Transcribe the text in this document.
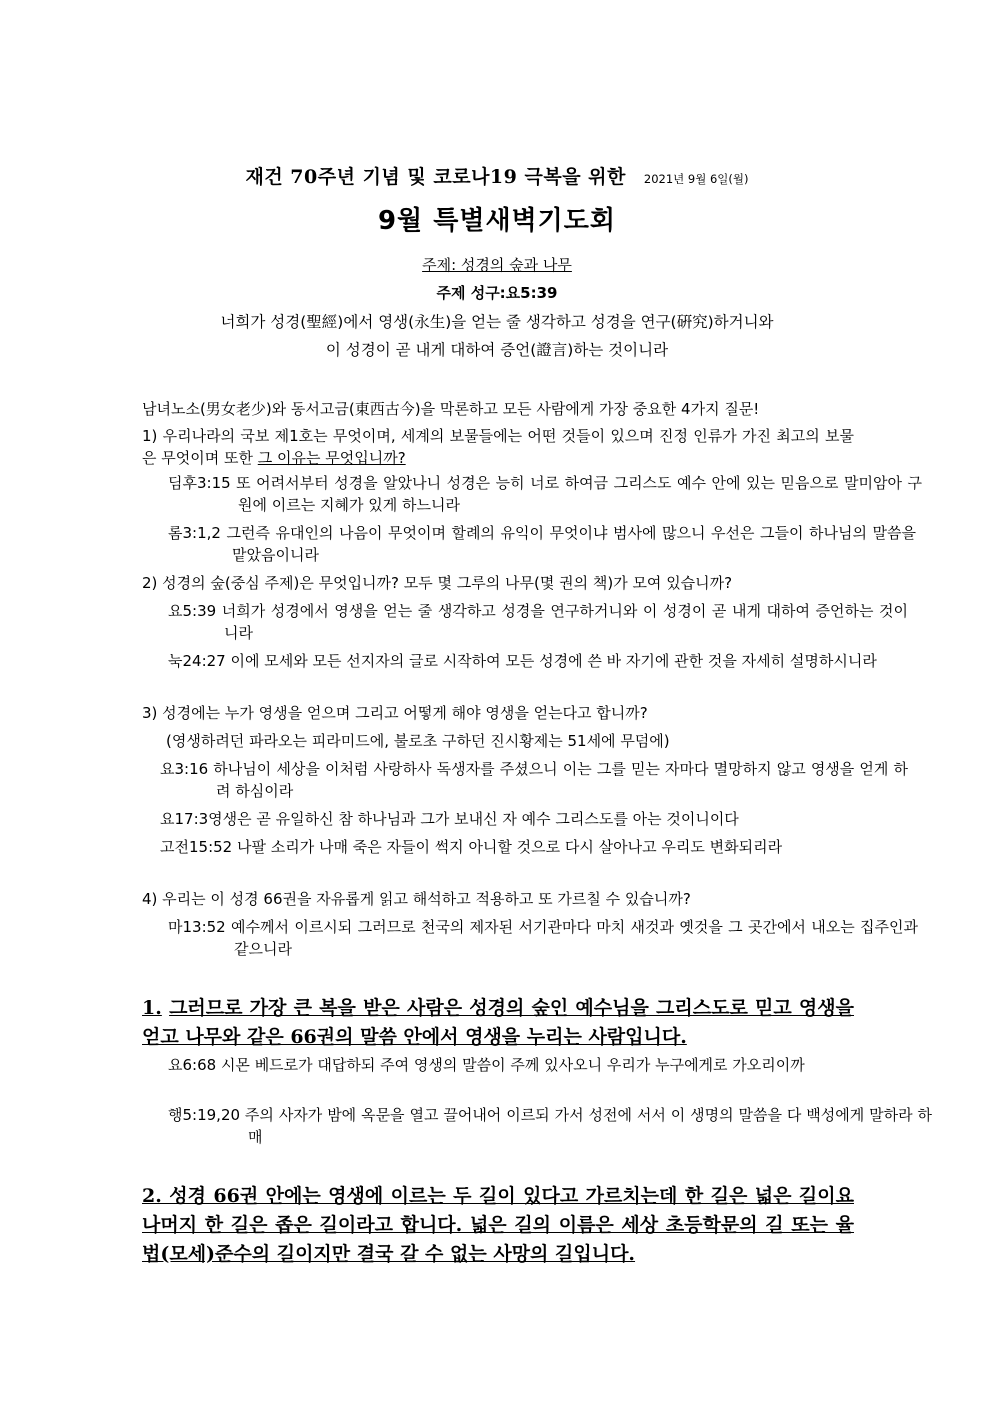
재건 70주년 기념 및 코로나19 극복을 위한 2021년 9월 6일(월)
9월 특별새벽기도회
주제: 성경의 숲과 나무
주제 성구:요5:39
너희가 성경(聖經)에서 영생(永生)을 얻는 줄 생각하고 성경을 연구(硏究)하거니와
이 성경이 곧 내게 대하여 증언(證言)하는 것이니라
남녀노소(男女老少)와 동서고금(東西古今)을 막론하고 모든 사람에게 가장 중요한 4가지 질문!
1) 우리나라의 국보 제1호는 무엇이며, 세계의 보물들에는 어떤 것들이 있으며 진정 인류가 가진 최고의 보물은 무엇이며 또한 그 이유는 무엇입니까?
딤후3:15 또 어려서부터 성경을 알았나니 성경은 능히 너로 하여금 그리스도 예수 안에 있는 믿음으로 말미암아 구원에 이르는 지혜가 있게 하느니라
롬3:1,2 그런즉 유대인의 나음이 무엇이며 할례의 유익이 무엇이냐 범사에 많으니 우선은 그들이 하나님의 말씀을 맡았음이니라
2) 성경의 숲(중심 주제)은 무엇입니까? 모두 몇 그루의 나무(몇 권의 책)가 모여 있습니까?
요5:39 너희가 성경에서 영생을 얻는 줄 생각하고 성경을 연구하거니와 이 성경이 곧 내게 대하여 증언하는 것이니라
눅24:27 이에 모세와 모든 선지자의 글로 시작하여 모든 성경에 쓴 바 자기에 관한 것을 자세히 설명하시니라
3) 성경에는 누가 영생을 얻으며 그리고 어떻게 해야 영생을 얻는다고 합니까?
(영생하려던 파라오는 피라미드에, 불로초 구하던 진시황제는 51세에 무덤에)
요3:16 하나님이 세상을 이처럼 사랑하사 독생자를 주셨으니 이는 그를 믿는 자마다 멸망하지 않고 영생을 얻게 하려 하심이라
요17:3영생은 곧 유일하신 참 하나님과 그가 보내신 자 예수 그리스도를 아는 것이니이다
고전15:52 나팔 소리가 나매 죽은 자들이 썩지 아니할 것으로 다시 살아나고 우리도 변화되리라
4) 우리는 이 성경 66권을 자유롭게 읽고 해석하고 적용하고 또 가르칠 수 있습니까?
마13:52 예수께서 이르시되 그러므로 천국의 제자된 서기관마다 마치 새것과 옛것을 그 곳간에서 내오는 집주인과 같으니라
1. 그러므로 가장 큰 복을 받은 사람은 성경의 숲인 예수님을 그리스도로 믿고 영생을 얻고 나무와 같은 66권의 말씀 안에서 영생을 누리는 사람입니다.
요6:68 시몬 베드로가 대답하되 주여 영생의 말씀이 주께 있사오니 우리가 누구에게로 가오리이까
행5:19,20 주의 사자가 밤에 옥문을 열고 끌어내어 이르되 가서 성전에 서서 이 생명의 말씀을 다 백성에게 말하라 하매
2. 성경 66권 안에는 영생에 이르는 두 길이 있다고 가르치는데 한 길은 넓은 길이요 나머지 한 길은 좁은 길이라고 합니다. 넓은 길의 이름은 세상 초등학문의 길 또는 율법(모세)준수의 길이지만 결국 갈 수 없는 사망의 길입니다.
